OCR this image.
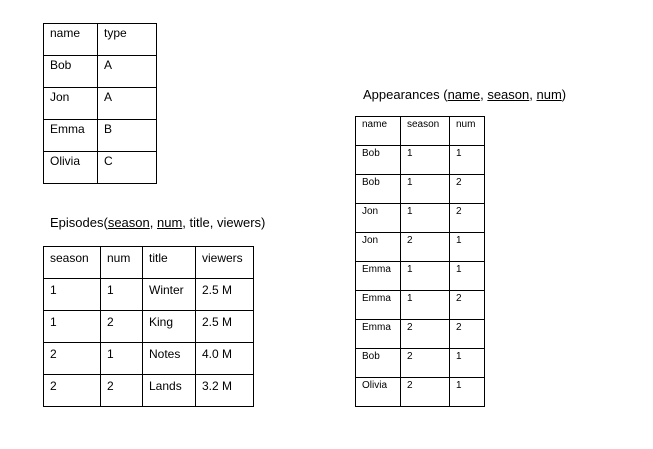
name	type
Bob	A
Jon	A
Emma	B
Olivia	C
Episodes(season, num, title, viewers)
season	num	title	viewers
1	1	Winter	2.5 M
1	2	King	2.5 M
2	1	Notes	4.0 M
2	2	Lands	3.2 M
Appearances (name, season, num)
name	season	num
Bob	1	1
Bob	1	2
Jon	1	2
Jon	2	1
Emma	1	1
Emma	1	2
Emma	2	2
Bob	2	1
Olivia	2	1
